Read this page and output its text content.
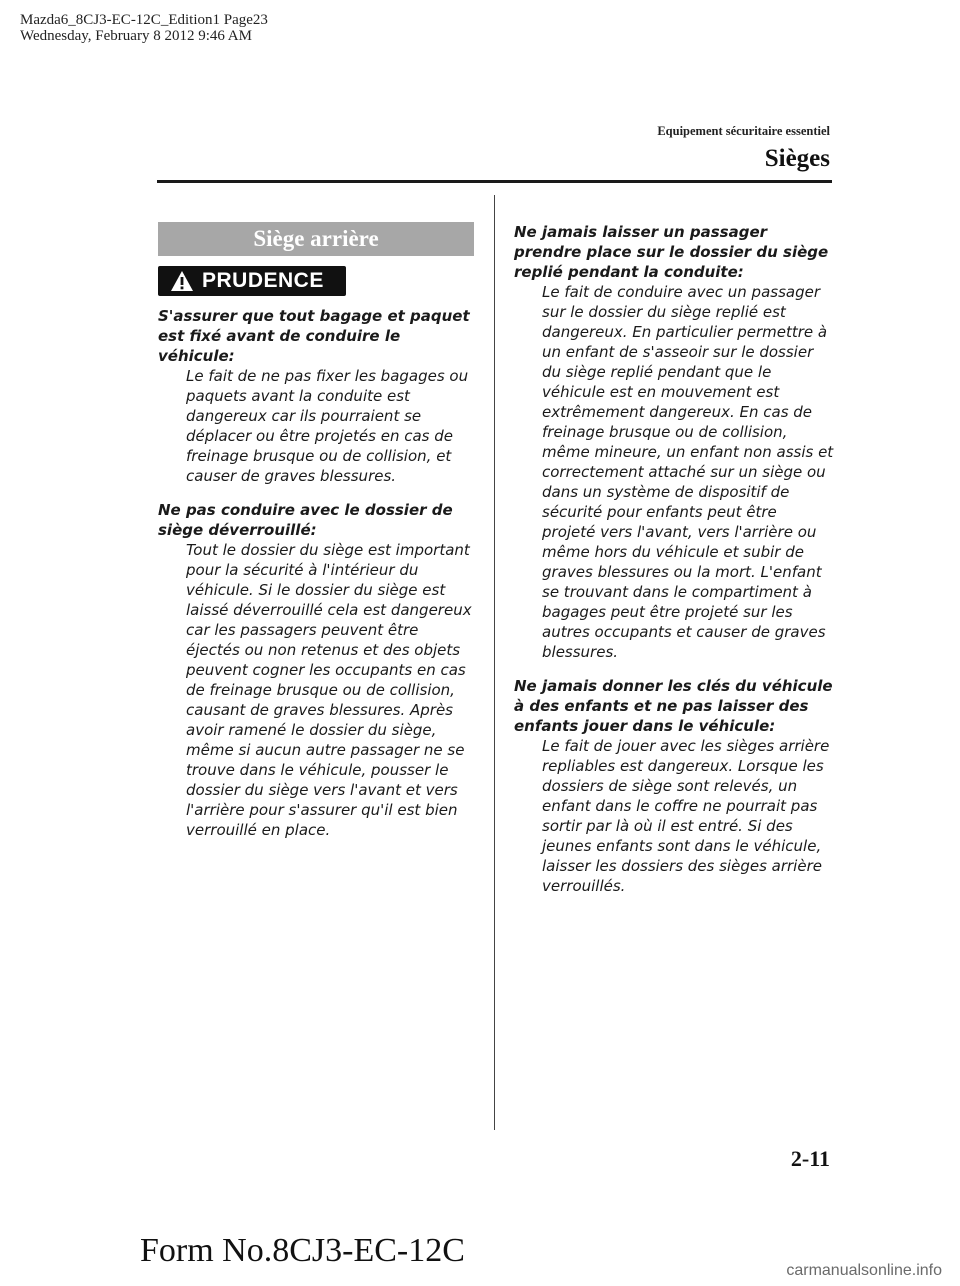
Mazda6_8CJ3-EC-12C_Edition1 Page23
Wednesday, February 8 2012 9:46 AM
Equipement sécuritaire essentiel
Sièges
Siège arrière
PRUDENCE
S'assurer que tout bagage et paquet est fixé avant de conduire le véhicule:
Le fait de ne pas fixer les bagages ou paquets avant la conduite est dangereux car ils pourraient se déplacer ou être projetés en cas de freinage brusque ou de collision, et causer de graves blessures.
Ne pas conduire avec le dossier de siège déverrouillé:
Tout le dossier du siège est important pour la sécurité à l'intérieur du véhicule. Si le dossier du siège est laissé déverrouillé cela est dangereux car les passagers peuvent être éjectés ou non retenus et des objets peuvent cogner les occupants en cas de freinage brusque ou de collision, causant de graves blessures. Après avoir ramené le dossier du siège, même si aucun autre passager ne se trouve dans le véhicule, pousser le dossier du siège vers l'avant et vers l'arrière pour s'assurer qu'il est bien verrouillé en place.
Ne jamais laisser un passager prendre place sur le dossier du siège replié pendant la conduite:
Le fait de conduire avec un passager sur le dossier du siège replié est dangereux. En particulier permettre à un enfant de s'asseoir sur le dossier du siège replié pendant que le véhicule est en mouvement est extrêmement dangereux. En cas de freinage brusque ou de collision, même mineure, un enfant non assis et correctement attaché sur un siège ou dans un système de dispositif de sécurité pour enfants peut être projeté vers l'avant, vers l'arrière ou même hors du véhicule et subir de graves blessures ou la mort. L'enfant se trouvant dans le compartiment à bagages peut être projeté sur les autres occupants et causer de graves blessures.
Ne jamais donner les clés du véhicule à des enfants et ne pas laisser des enfants jouer dans le véhicule:
Le fait de jouer avec les sièges arrière repliables est dangereux. Lorsque les dossiers de siège sont relevés, un enfant dans le coffre ne pourrait pas sortir par là où il est entré. Si des jeunes enfants sont dans le véhicule, laisser les dossiers des sièges arrière verrouillés.
2-11
Form No.8CJ3-EC-12C
carmanualsonline.info
